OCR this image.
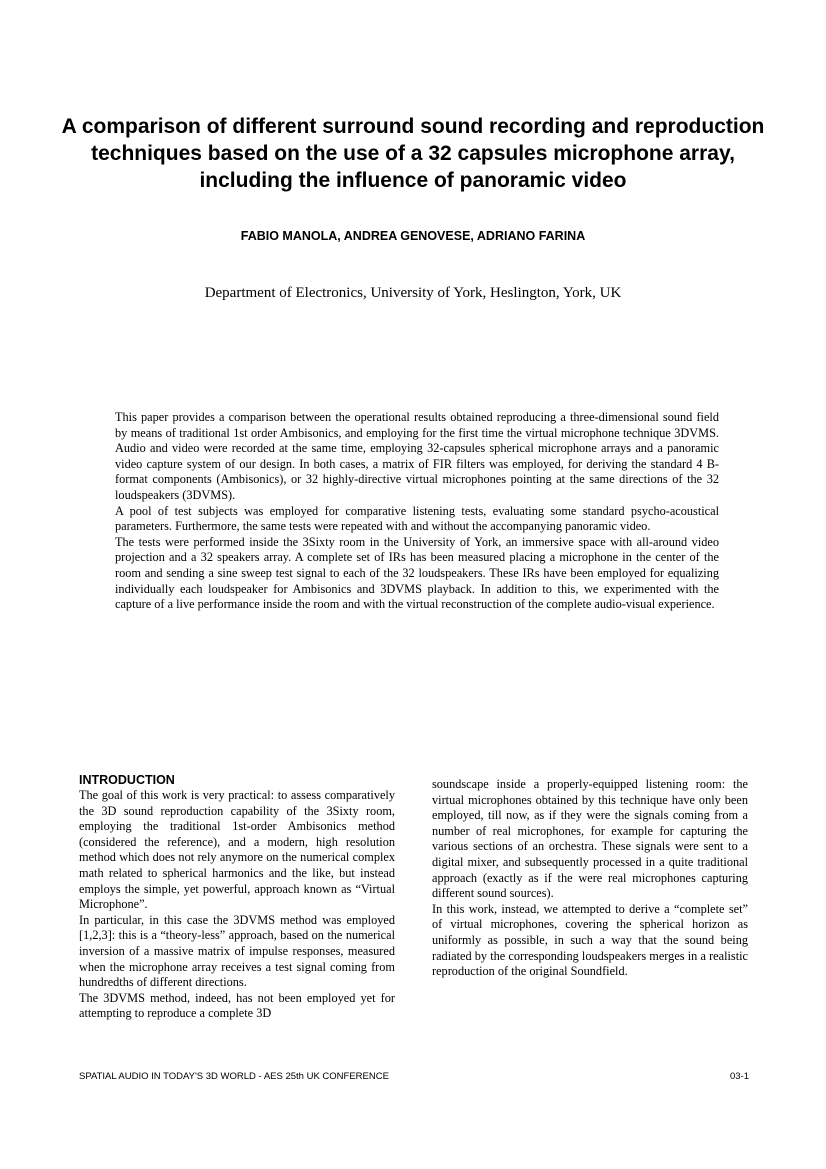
A comparison of different surround sound recording and reproduction techniques based on the use of a 32 capsules microphone array, including the influence of panoramic video
FABIO MANOLA, ANDREA GENOVESE, ADRIANO FARINA
Department of Electronics, University of York, Heslington, York, UK

This paper provides a comparison between the operational results obtained reproducing a three-dimensional sound field by means of traditional 1st order Ambisonics, and employing for the first time the virtual microphone technique 3DVMS. Audio and video were recorded at the same time, employing 32-capsules spherical microphone arrays and a panoramic video capture system of our design. In both cases, a matrix of FIR filters was employed, for deriving the standard 4 B-format components (Ambisonics), or 32 highly-directive virtual microphones pointing at the same directions of the 32 loudspeakers (3DVMS).

A pool of test subjects was employed for comparative listening tests, evaluating some standard psycho-acoustical parameters. Furthermore, the same tests were repeated with and without the accompanying panoramic video.

The tests were performed inside the 3Sixty room in the University of York, an immersive space with all-around video projection and a 32 speakers array. A complete set of IRs has been measured placing a microphone in the center of the room and sending a sine sweep test signal to each of the 32 loudspeakers. These IRs have been employed for equalizing individually each loudspeaker for Ambisonics and 3DVMS playback. In addition to this, we experimented with the capture of a live performance inside the room and with the virtual reconstruction of the complete audio-visual experience.

INTRODUCTION

The goal of this work is very practical: to assess comparatively the 3D sound reproduction capability of the 3Sixty room, employing the traditional 1st-order Ambisonics method (considered the reference), and a modern, high resolution method which does not rely anymore on the numerical complex math related to spherical harmonics and the like, but instead employs the simple, yet powerful, approach known as “Virtual Microphone”.

In particular, in this case the 3DVMS method was employed [1,2,3]: this is a “theory-less” approach, based on the numerical inversion of a massive matrix of impulse responses, measured when the microphone array receives a test signal coming from hundredths of different directions.

The 3DVMS method, indeed, has not been employed yet for attempting to reproduce a complete 3D

soundscape inside a properly-equipped listening room: the virtual microphones obtained by this technique have only been employed, till now, as if they were the signals coming from a number of real microphones, for example for capturing the various sections of an orchestra. These signals were sent to a digital mixer, and subsequently processed in a quite traditional approach (exactly as if the were real microphones capturing different sound sources).

In this work, instead, we attempted to derive a “complete set” of virtual microphones, covering the spherical horizon as uniformly as possible, in such a way that the sound being radiated by the corresponding loudspeakers merges in a realistic reproduction of the original Soundfield.

SPATIAL AUDIO IN TODAY'S 3D WORLD - AES 25th UK CONFERENCE	03-1
